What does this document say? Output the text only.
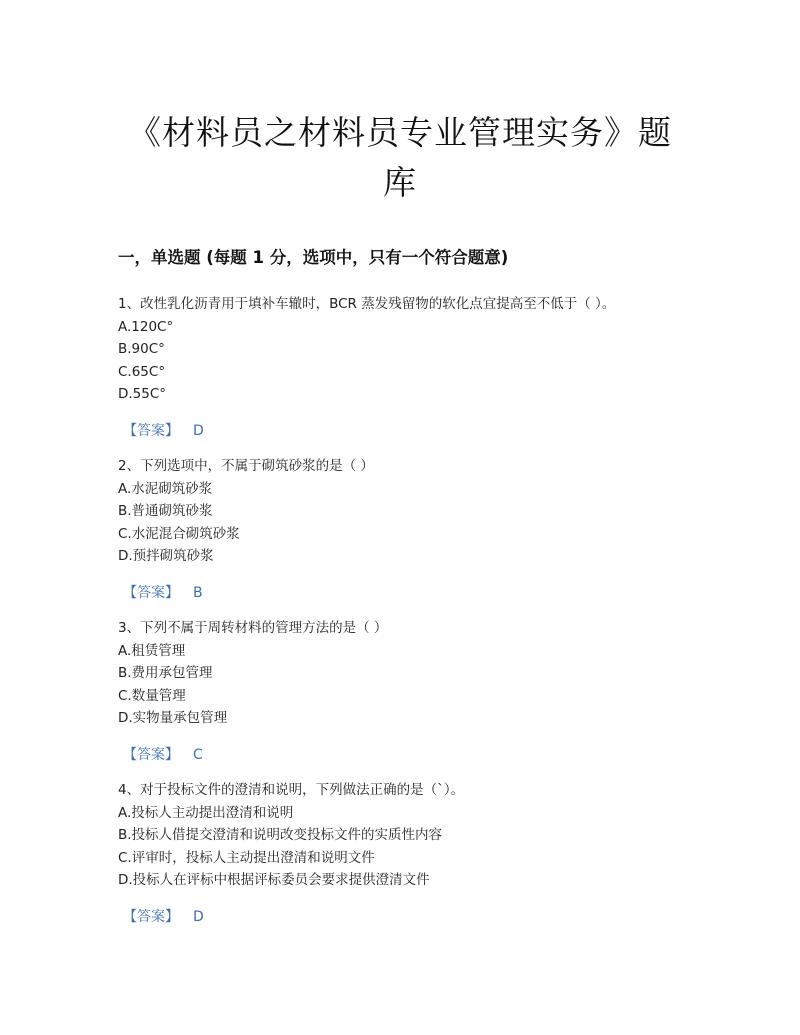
《材料员之材料员专业管理实务》题
库
一，单选题 (每题 1 分，选项中，只有一个符合题意)
1、改性乳化沥青用于填补车辙时，BCR 蒸发残留物的软化点宜提高至不低于（ ）。
A.120C°
B.90C°
C.65C°
D.55C°
【答案】 D
2、下列选项中，不属于砌筑砂浆的是（ ）
A.水泥砌筑砂浆
B.普通砌筑砂浆
C.水泥混合砌筑砂浆
D.预拌砌筑砂浆
【答案】 B
3、下列不属于周转材料的管理方法的是（ ）
A.租赁管理
B.费用承包管理
C.数量管理
D.实物量承包管理
【答案】 C
4、对于投标文件的澄清和说明，下列做法正确的是（`）。
A.投标人主动提出澄清和说明
B.投标人借提交澄清和说明改变投标文件的实质性内容
C.评审时，投标人主动提出澄清和说明文件
D.投标人在评标中根据评标委员会要求提供澄清文件
【答案】 D
